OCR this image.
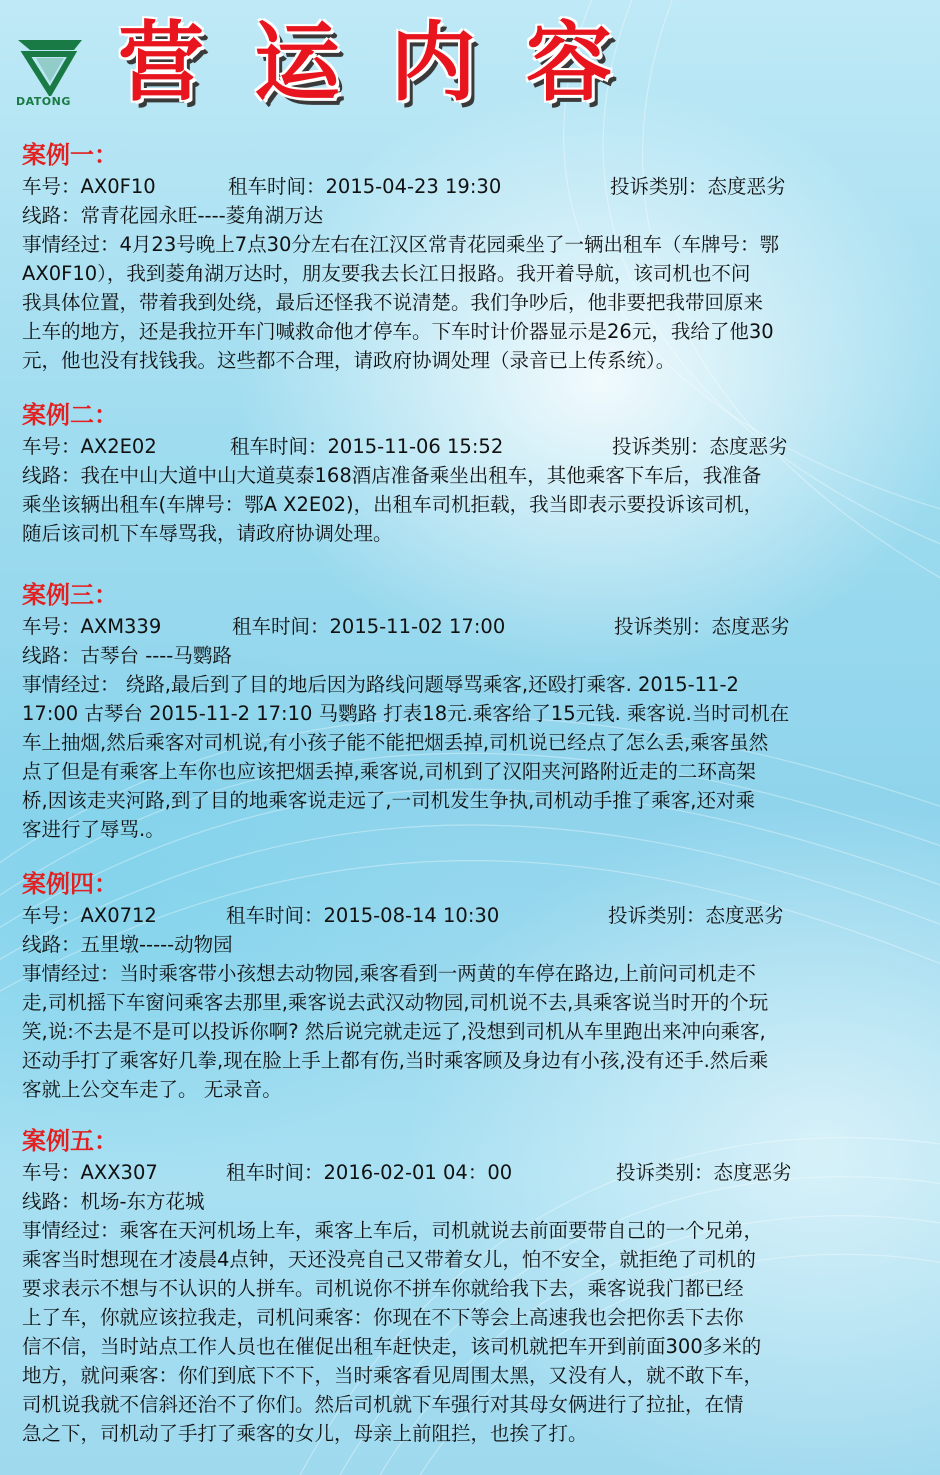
DATONG 营运内容
案例一：
车号：AX0F10	租车时间：2015-04-23 19:30	投诉类别：态度恶劣
线路：常青花园永旺----菱角湖万达
事情经过：4月23号晚上7点30分左右在江汉区常青花园乘坐了一辆出租车（车牌号：鄂
AX0F10），我到菱角湖万达时，朋友要我去长江日报路。我开着导航，该司机也不问
我具体位置，带着我到处绕，最后还怪我不说清楚。我们争吵后，他非要把我带回原来
上车的地方，还是我拉开车门喊救命他才停车。下车时计价器显示是26元，我给了他30
元，他也没有找钱我。这些都不合理，请政府协调处理（录音已上传系统）。
案例二：
车号：AX2E02	租车时间：2015-11-06 15:52	投诉类别：态度恶劣
线路：我在中山大道中山大道莫泰168酒店准备乘坐出租车，其他乘客下车后，我准备
乘坐该辆出租车(车牌号：鄂A X2E02)，出租车司机拒载，我当即表示要投诉该司机，
随后该司机下车辱骂我，请政府协调处理。
案例三：
车号：AXM339	租车时间：2015-11-02 17:00	投诉类别：态度恶劣
线路：古琴台 ----马鹦路
事情经过： 绕路,最后到了目的地后因为路线问题辱骂乘客,还殴打乘客. 2015-11-2
17:00 古琴台 2015-11-2 17:10 马鹦路 打表18元.乘客给了15元钱. 乘客说.当时司机在
车上抽烟,然后乘客对司机说,有小孩子能不能把烟丢掉,司机说已经点了怎么丢,乘客虽然
点了但是有乘客上车你也应该把烟丢掉,乘客说,司机到了汉阳夹河路附近走的二环高架
桥,因该走夹河路,到了目的地乘客说走远了,一司机发生争执,司机动手推了乘客,还对乘
客进行了辱骂.。
案例四：
车号：AX0712	租车时间：2015-08-14 10:30	投诉类别：态度恶劣
线路：五里墩-----动物园
事情经过：当时乘客带小孩想去动物园,乘客看到一两黄的车停在路边,上前问司机走不
走,司机摇下车窗问乘客去那里,乘客说去武汉动物园,司机说不去,具乘客说当时开的个玩
笑,说:不去是不是可以投诉你啊? 然后说完就走远了,没想到司机从车里跑出来冲向乘客,
还动手打了乘客好几拳,现在脸上手上都有伤,当时乘客顾及身边有小孩,没有还手.然后乘
客就上公交车走了。 无录音。
案例五：
车号：AXX307	租车时间：2016-02-01 04：00	投诉类别：态度恶劣
线路：机场-东方花城
事情经过：乘客在天河机场上车，乘客上车后，司机就说去前面要带自己的一个兄弟，
乘客当时想现在才凌晨4点钟，天还没亮自己又带着女儿，怕不安全，就拒绝了司机的
要求表示不想与不认识的人拼车。司机说你不拼车你就给我下去，乘客说我门都已经
上了车，你就应该拉我走，司机问乘客：你现在不下等会上高速我也会把你丢下去你
信不信，当时站点工作人员也在催促出租车赶快走，该司机就把车开到前面300多米的
地方，就问乘客：你们到底下不下，当时乘客看见周围太黑，又没有人，就不敢下车，
司机说我就不信斜还治不了你们。然后司机就下车强行对其母女俩进行了拉扯，在情
急之下，司机动了手打了乘客的女儿，母亲上前阻拦，也挨了打。
